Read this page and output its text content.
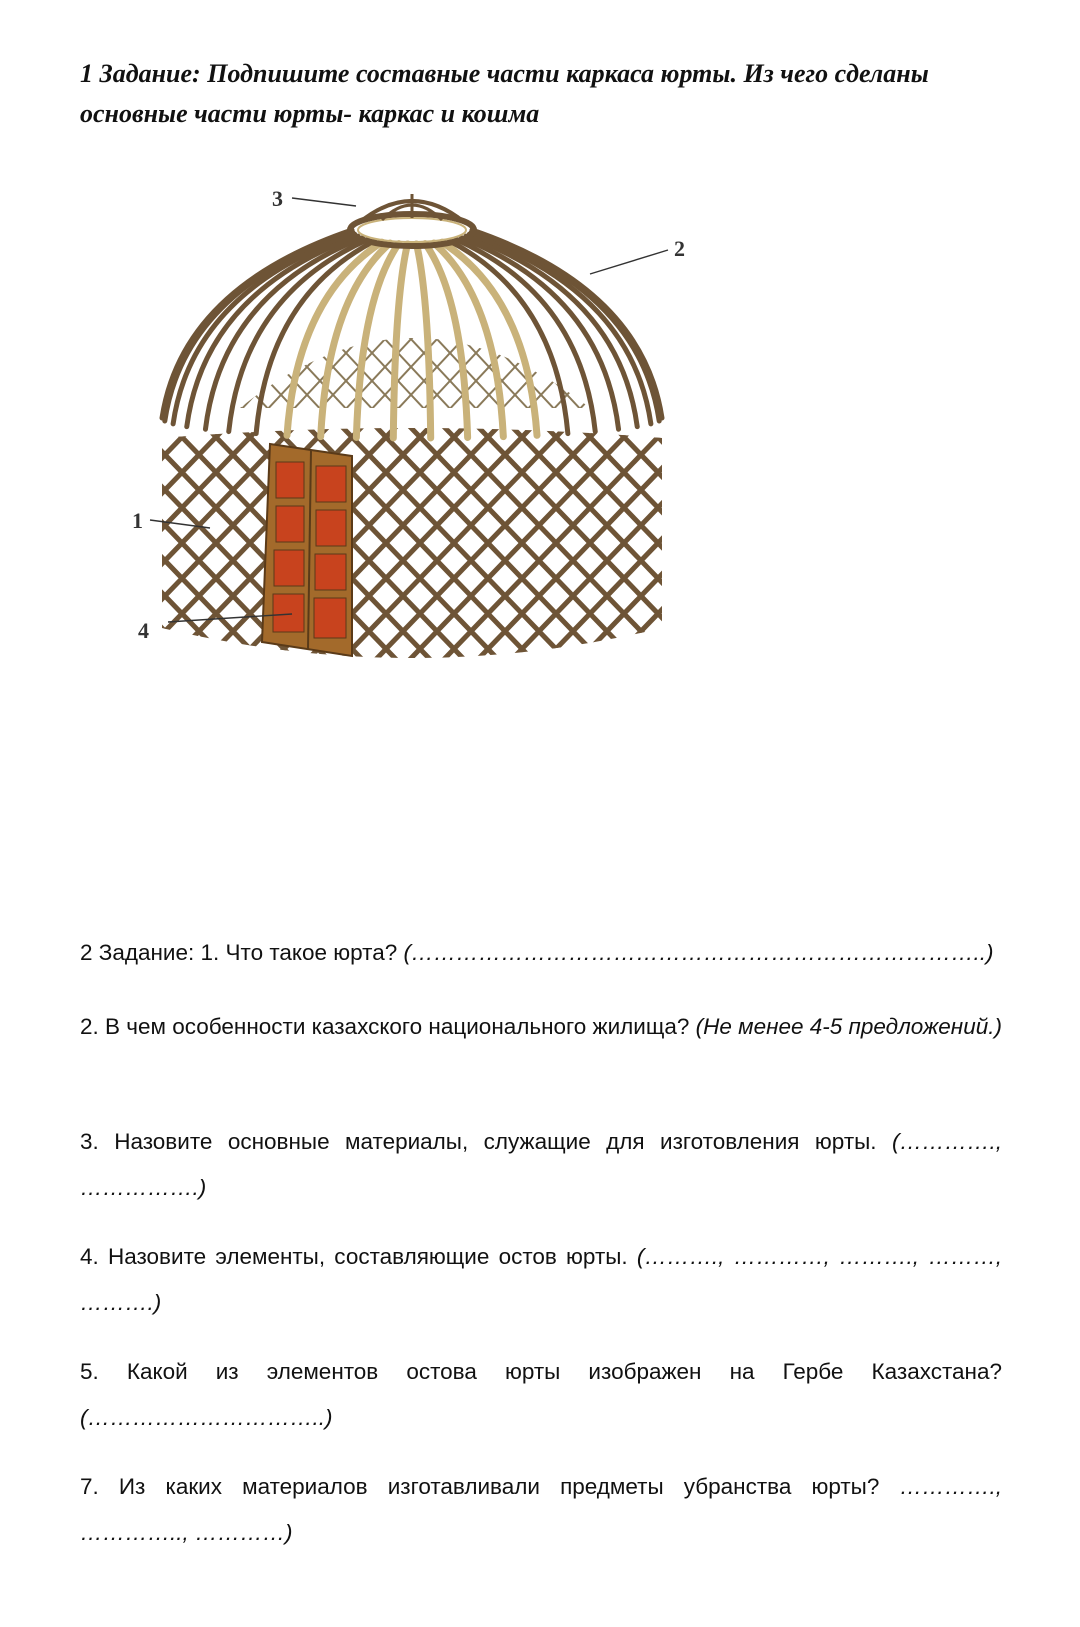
1 Задание: Подпишите составные части каркаса юрты. Из чего сделаны основные части юрты- каркас и кошма
3
2
1
4
2 Задание: 1. Что такое юрта? (…………………………………………………………………..)
2. В чем особенности казахского национального жилища? (Не менее 4-5 предложений.)
3. Назовите основные материалы, служащие для изготовления юрты. (…………., …………….)
4. Назовите элементы, составляющие остов юрты. (………., …………, ………., ………, ……….)
5. Какой из элементов остова юрты изображен на Гербе Казахстана? (…………………………..)
7. Из каких материалов изготавливали предметы убранства юрты? …………., ………….., …………)
